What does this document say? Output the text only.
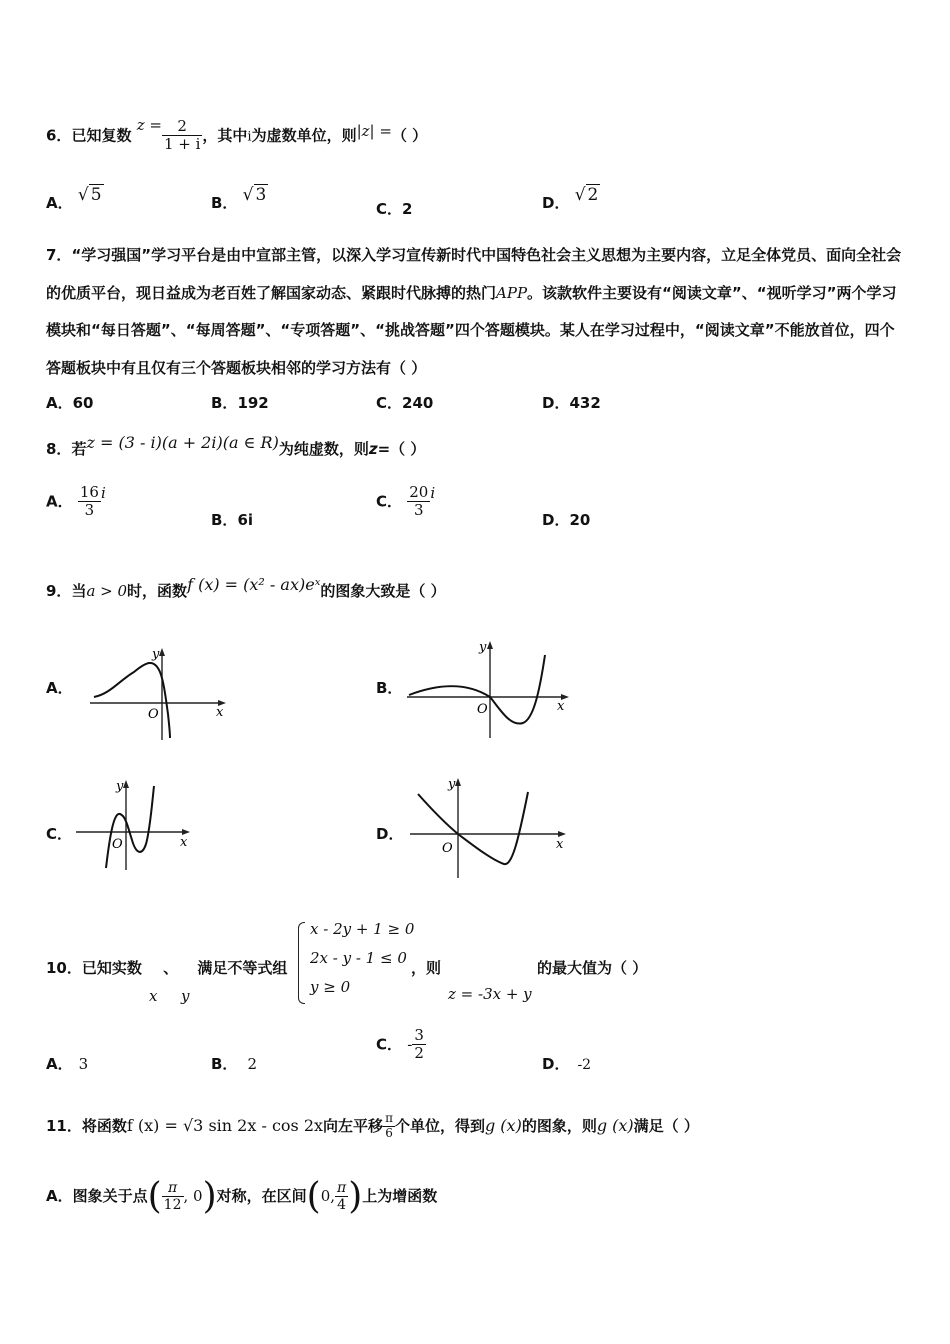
6．已知复数 $z = \frac{2}{1 + i}$ ，其中i为虚数单位，则|z| =（ ）
A． √ 5	B． √ 3
C．2	D． √ 2
7．“学习强国”学习平台是由中宣部主管，以深入学习宣传新时代中国特色社会主义思想为主要内容，立足全体党员、面向全社会的优质平台，现日益成为老百姓了解国家动态、紧跟时代脉搏的热门APP。该款软件主要设有“阅读文章”、“视听学习”两个学习模块和“每日答题”、“每周答题”、“专项答题”、“挑战答题”四个答题模块。某人在学习过程中，“阅读文章”不能放首位，四个答题板块中有且仅有三个答题板块相邻的学习方法有（ ）
A．60	B．192	C．240	D．432
8．若z = (3 - i)(a + 2i)(a ∈ R)为纯虚数，则z=（ ）
A． $\frac{16}{3}$ i
B．6i
C． $\frac{20}{3}$ i
D．20
9．当a > 0时，函数f (x) = (x² - ax)eˣ的图象大致是（ ）
A．
y
x
O
B．
y
x
O
C．
y
x
O
D．
y
x
O
10．已知实数 、 满足不等式组
x y
x - 2y + 1 ≥ 0
2x - y - 1 ≤ 0
y ≥ 0
，则
z = -3x + y
的最大值为（ ）
A． 3	B． 2
C． - $\frac{3}{2}$
D． -2
11．将函数f (x) = √3 sin 2x - cos 2x向左平移 $\frac{\pi}{6}$ 个单位，得到g (x)的图象，则g (x)满足（ ）
A．图象关于点( $\frac{\pi}{12}$ , 0)对称，在区间(0, $\frac{\pi}{4}$ )上为增函数
